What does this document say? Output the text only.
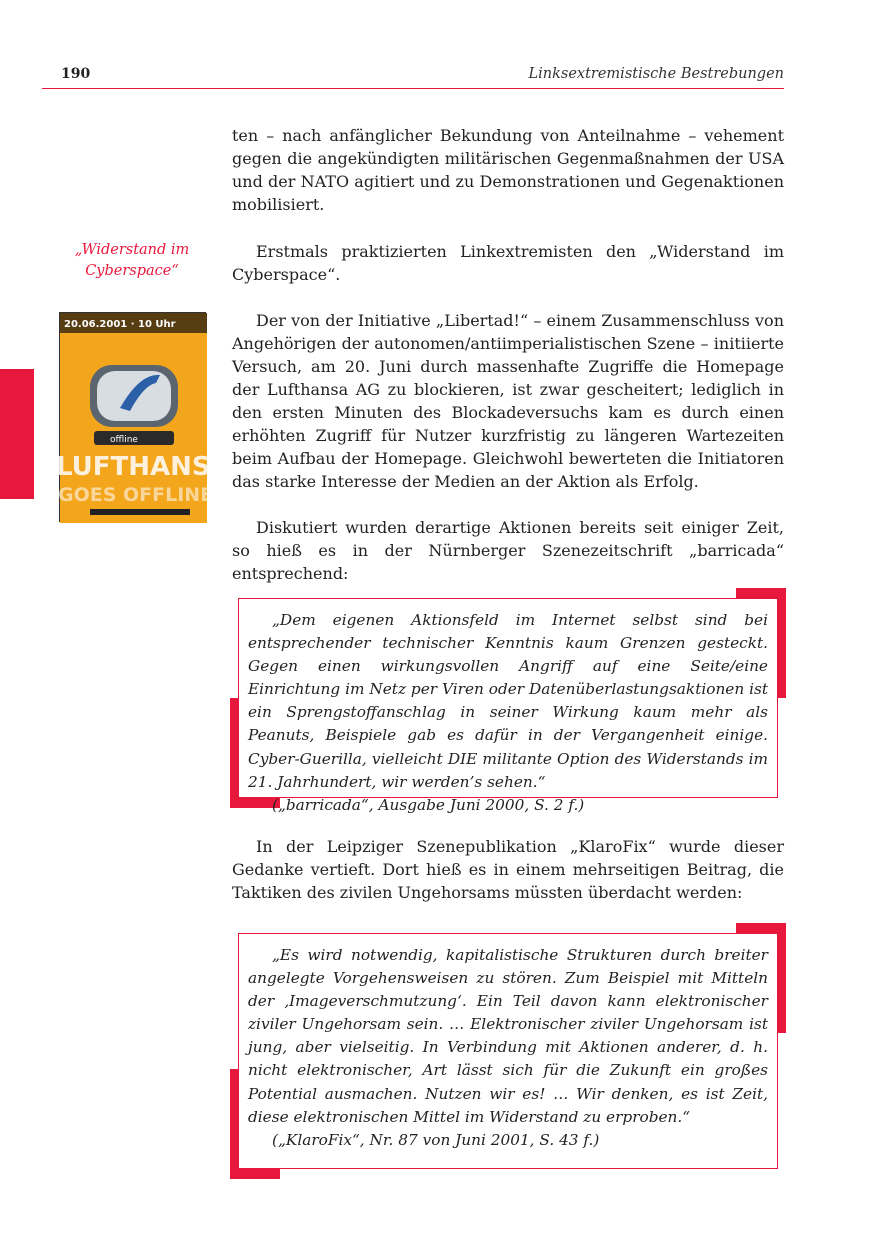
190	Linksextremistische Bestrebungen
„Widerstand im
Cyberspace“
20.06.2001 · 10 Uhr
offline
LUFTHANSA
GOES OFFLINE

ten – nach anfänglicher Bekundung von Anteilnahme – vehement gegen die angekündigten militärischen Gegenmaßnahmen der USA und der NATO agitiert und zu Demonstrationen und Gegenaktionen mobilisiert.

Erstmals praktizierten Linkextremisten den „Widerstand im Cyberspace“.

Der von der Initiative „Libertad!“ – einem Zusammenschluss von Angehörigen der autonomen/antiimperialistischen Szene – initiierte Versuch, am 20. Juni durch massenhafte Zugriffe die Homepage der Lufthansa AG zu blockieren, ist zwar gescheitert; lediglich in den ersten Minuten des Blockadeversuchs kam es durch einen erhöhten Zugriff für Nutzer kurzfristig zu längeren Wartezeiten beim Aufbau der Homepage. Gleichwohl bewerteten die Initiatoren das starke Interesse der Medien an der Aktion als Erfolg.

Diskutiert wurden derartige Aktionen bereits seit einiger Zeit, so hieß es in der Nürnberger Szenezeitschrift „barricada“ entsprechend:

„Dem eigenen Aktionsfeld im Internet selbst sind bei entsprechender technischer Kenntnis kaum Grenzen gesteckt. Gegen einen wirkungsvollen Angriff auf eine Seite/eine Einrichtung im Netz per Viren oder Datenüberlastungsaktionen ist ein Sprengstoffanschlag in seiner Wirkung kaum mehr als Peanuts, Beispiele gab es dafür in der Vergangenheit einige. Cyber-Guerilla, vielleicht DIE militante Option des Widerstands im 21. Jahrhundert, wir werden’s sehen.“

(„barricada“, Ausgabe Juni 2000, S. 2 f.)

In der Leipziger Szenepublikation „KlaroFix“ wurde dieser Gedanke vertieft. Dort hieß es in einem mehrseitigen Beitrag, die Taktiken des zivilen Ungehorsams müssten überdacht werden:

„Es wird notwendig, kapitalistische Strukturen durch breiter angelegte Vorgehensweisen zu stören. Zum Beispiel mit Mitteln der ‚Imageverschmutzung‘. Ein Teil davon kann elektronischer ziviler Ungehorsam sein. … Elektronischer ziviler Ungehorsam ist jung, aber vielseitig. In Verbindung mit Aktionen anderer, d. h. nicht elektronischer, Art lässt sich für die Zukunft ein großes Potential ausmachen. Nutzen wir es! … Wir denken, es ist Zeit, diese elektronischen Mittel im Widerstand zu erproben.“

(„KlaroFix“, Nr. 87 von Juni 2001, S. 43 f.)
